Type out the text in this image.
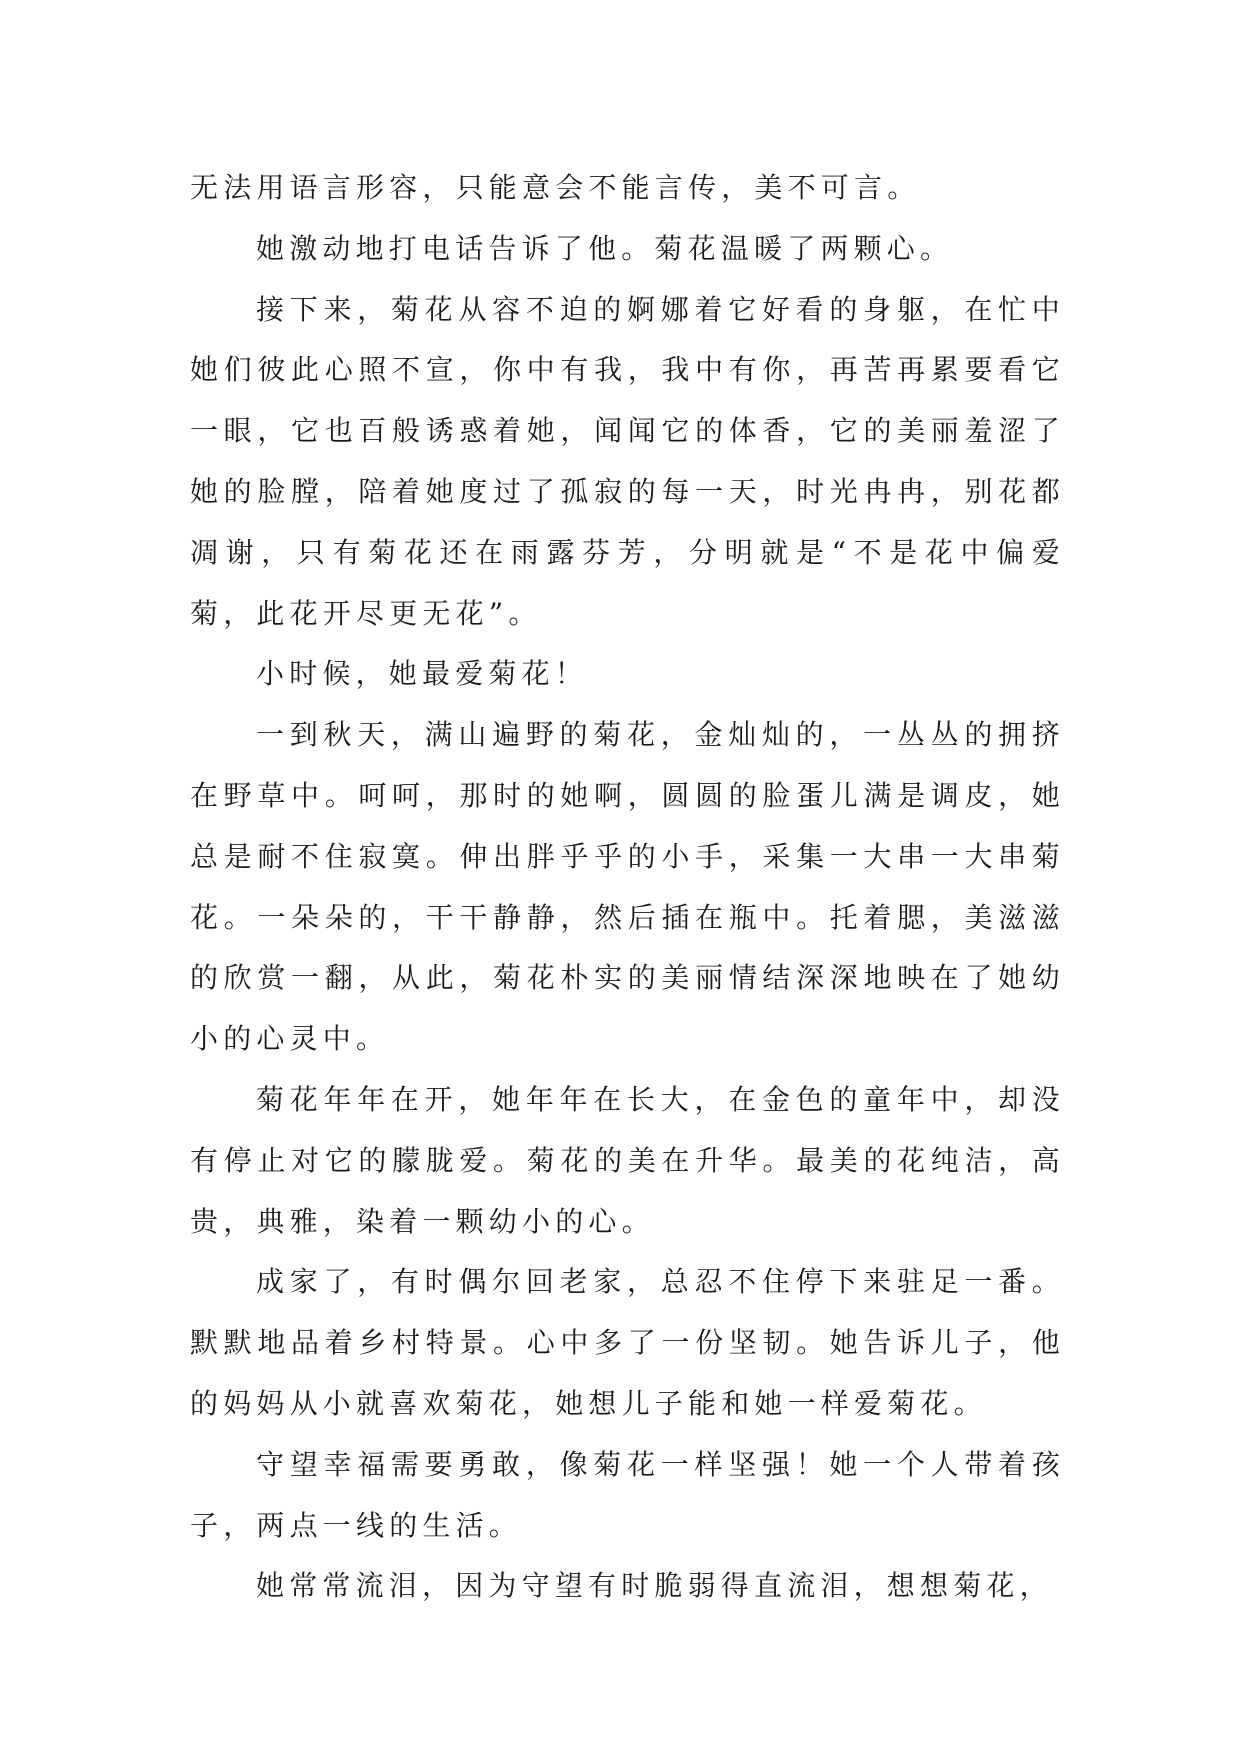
无法用语言形容，只能意会不能言传，美不可言。

她激动地打电话告诉了他。菊花温暖了两颗心。

接下来，菊花从容不迫的婀娜着它好看的身躯，在忙中她们彼此心照不宣，你中有我，我中有你，再苦再累要看它一眼，它也百般诱惑着她，闻闻它的体香，它的美丽羞涩了她的脸膛，陪着她度过了孤寂的每一天，时光冉冉，别花都凋谢，只有菊花还在雨露芬芳，分明就是“不是花中偏爱菊，此花开尽更无花”。

小时候，她最爱菊花！

一到秋天，满山遍野的菊花，金灿灿的，一丛丛的拥挤在野草中。呵呵，那时的她啊，圆圆的脸蛋儿满是调皮，她总是耐不住寂寞。伸出胖乎乎的小手，采集一大串一大串菊花。一朵朵的，干干静静，然后插在瓶中。托着腮，美滋滋的欣赏一翻，从此，菊花朴实的美丽情结深深地映在了她幼小的心灵中。

菊花年年在开，她年年在长大，在金色的童年中，却没有停止对它的朦胧爱。菊花的美在升华。最美的花纯洁，高贵，典雅，染着一颗幼小的心。

成家了，有时偶尔回老家，总忍不住停下来驻足一番。默默地品着乡村特景。心中多了一份坚韧。她告诉儿子，他的妈妈从小就喜欢菊花，她想儿子能和她一样爱菊花。

守望幸福需要勇敢，像菊花一样坚强！她一个人带着孩子，两点一线的生活。

她常常流泪，因为守望有时脆弱得直流泪，想想菊花，
